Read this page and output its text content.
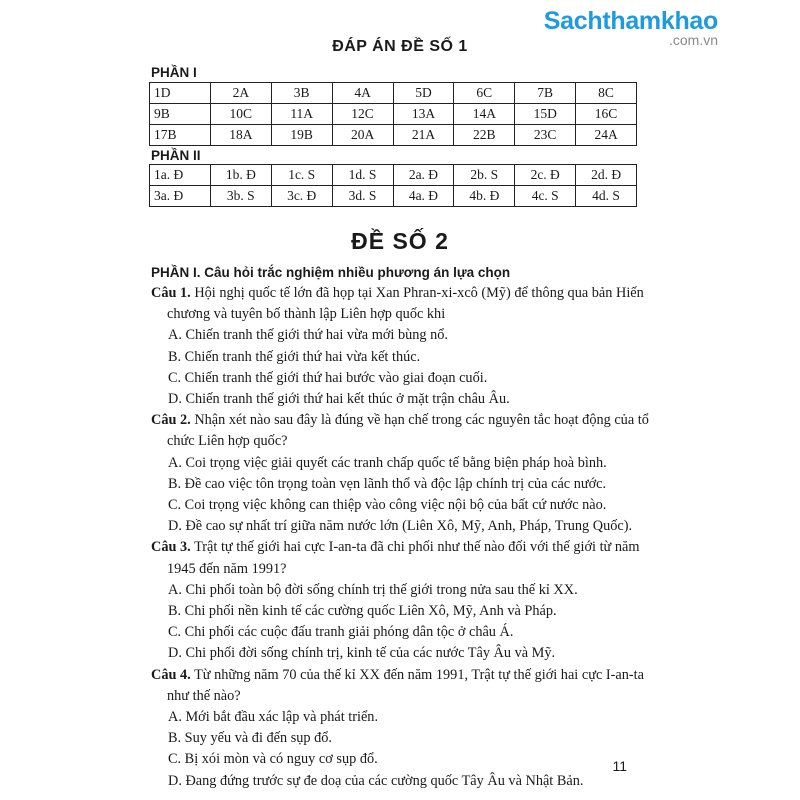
Sachthamkhao
.com.vn
ĐÁP ÁN ĐỀ SỐ 1
PHẦN I
1D	2A	3B	4A	5D	6C	7B	8C
9B	10C	11A	12C	13A	14A	15D	16C
17B	18A	19B	20A	21A	22B	23C	24A
PHẦN II
1a. Đ	1b. Đ	1c. S	1d. S	2a. Đ	2b. S	2c. Đ	2d. Đ
3a. Đ	3b. S	3c. Đ	3d. S	4a. Đ	4b. Đ	4c. S	4d. S
ĐỀ SỐ 2
PHẦN I. Câu hỏi trắc nghiệm nhiều phương án lựa chọn
Câu 1. Hội nghị quốc tế lớn đã họp tại Xan Phran-xi-xcô (Mỹ) để thông qua bản Hiến chương và tuyên bố thành lập Liên hợp quốc khi
A. Chiến tranh thế giới thứ hai vừa mới bùng nổ.
B. Chiến tranh thế giới thứ hai vừa kết thúc.
C. Chiến tranh thế giới thứ hai bước vào giai đoạn cuối.
D. Chiến tranh thế giới thứ hai kết thúc ở mặt trận châu Âu.
Câu 2. Nhận xét nào sau đây là đúng về hạn chế trong các nguyên tắc hoạt động của tổ chức Liên hợp quốc?
A. Coi trọng việc giải quyết các tranh chấp quốc tế bằng biện pháp hoà bình.
B. Đề cao việc tôn trọng toàn vẹn lãnh thổ và độc lập chính trị của các nước.
C. Coi trọng việc không can thiệp vào công việc nội bộ của bất cứ nước nào.
D. Đề cao sự nhất trí giữa năm nước lớn (Liên Xô, Mỹ, Anh, Pháp, Trung Quốc).
Câu 3. Trật tự thế giới hai cực I-an-ta đã chi phối như thế nào đối với thế giới từ năm 1945 đến năm 1991?
A. Chi phối toàn bộ đời sống chính trị thế giới trong nửa sau thế kỉ XX.
B. Chi phối nền kinh tế các cường quốc Liên Xô, Mỹ, Anh và Pháp.
C. Chi phối các cuộc đấu tranh giải phóng dân tộc ở châu Á.
D. Chi phối đời sống chính trị, kinh tế của các nước Tây Âu và Mỹ.
Câu 4. Từ những năm 70 của thế kỉ XX đến năm 1991, Trật tự thế giới hai cực I-an-ta như thế nào?
A. Mới bắt đầu xác lập và phát triển.
B. Suy yếu và đi đến sụp đổ.
C. Bị xói mòn và có nguy cơ sụp đổ.
D. Đang đứng trước sự đe doạ của các cường quốc Tây Âu và Nhật Bản.
11
